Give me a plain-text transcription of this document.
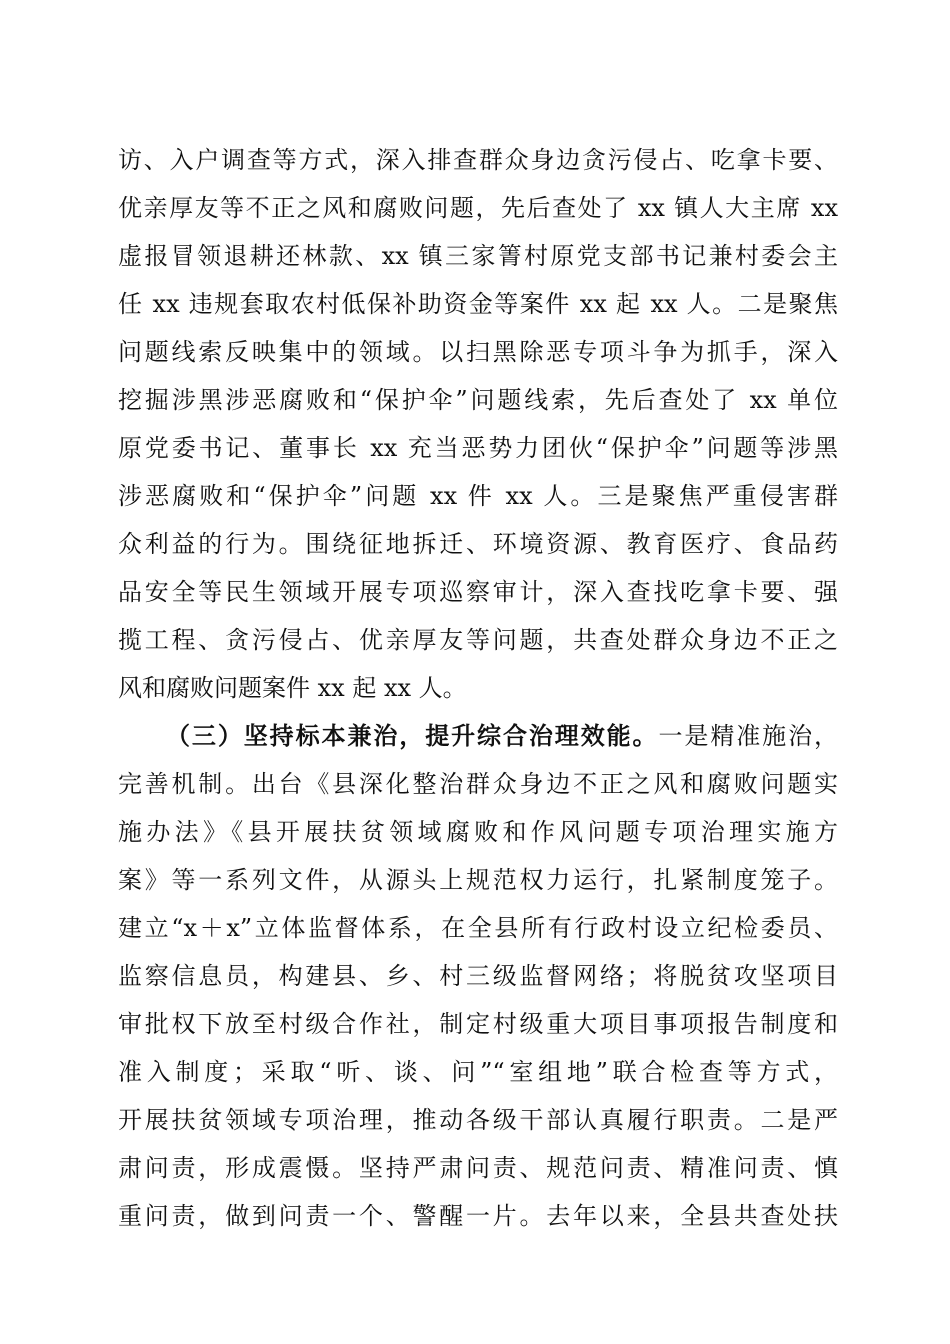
访、入户调查等方式，深入排查群众身边贪污侵占、吃拿卡要、
优亲厚友等不正之风和腐败问题，先后查处了 xx 镇人大主席 xx
虚报冒领退耕还林款、xx 镇三家箐村原党支部书记兼村委会主
任 xx 违规套取农村低保补助资金等案件 xx 起 xx 人。二是聚焦
问题线索反映集中的领域。以扫黑除恶专项斗争为抓手，深入
挖掘涉黑涉恶腐败和“保护伞”问题线索，先后查处了 xx 单位
原党委书记、董事长 xx 充当恶势力团伙“保护伞”问题等涉黑
涉恶腐败和“保护伞”问题 xx 件 xx 人。三是聚焦严重侵害群
众利益的行为。围绕征地拆迁、环境资源、教育医疗、食品药
品安全等民生领域开展专项巡察审计，深入查找吃拿卡要、强
揽工程、贪污侵占、优亲厚友等问题，共查处群众身边不正之
风和腐败问题案件 xx 起 xx 人。
（三）坚持标本兼治，提升综合治理效能。一是精准施治，
完善机制。出台《县深化整治群众身边不正之风和腐败问题实
施办法》《县开展扶贫领域腐败和作风问题专项治理实施方
案》等一系列文件，从源头上规范权力运行，扎紧制度笼子。
建立“x＋x”立体监督体系，在全县所有行政村设立纪检委员、
监察信息员，构建县、乡、村三级监督网络；将脱贫攻坚项目
审批权下放至村级合作社，制定村级重大项目事项报告制度和
准入制度；采取“听、谈、问”“室组地”联合检查等方式，
开展扶贫领域专项治理，推动各级干部认真履行职责。二是严
肃问责，形成震慑。坚持严肃问责、规范问责、精准问责、慎
重问责，做到问责一个、警醒一片。去年以来，全县共查处扶
